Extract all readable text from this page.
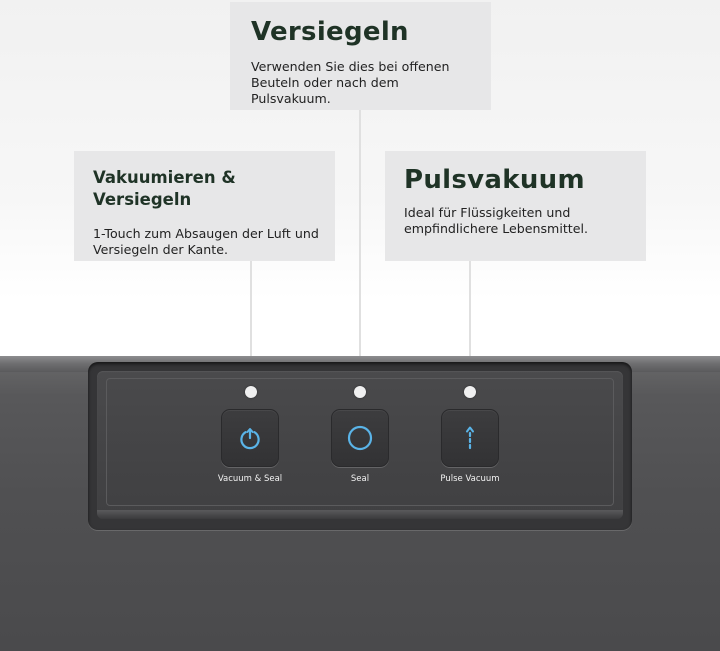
Versiegeln

Verwenden Sie dies bei offenen

Beuteln oder nach dem Pulsvakuum.

Vakuumieren & Versiegeln

1-Touch zum Absaugen der Luft und

Versiegeln der Kante.

Pulsvakuum

Ideal für Flüssigkeiten und

empfindlichere Lebensmittel.

Vacuum & Seal	Seal	Pulse Vacuum
